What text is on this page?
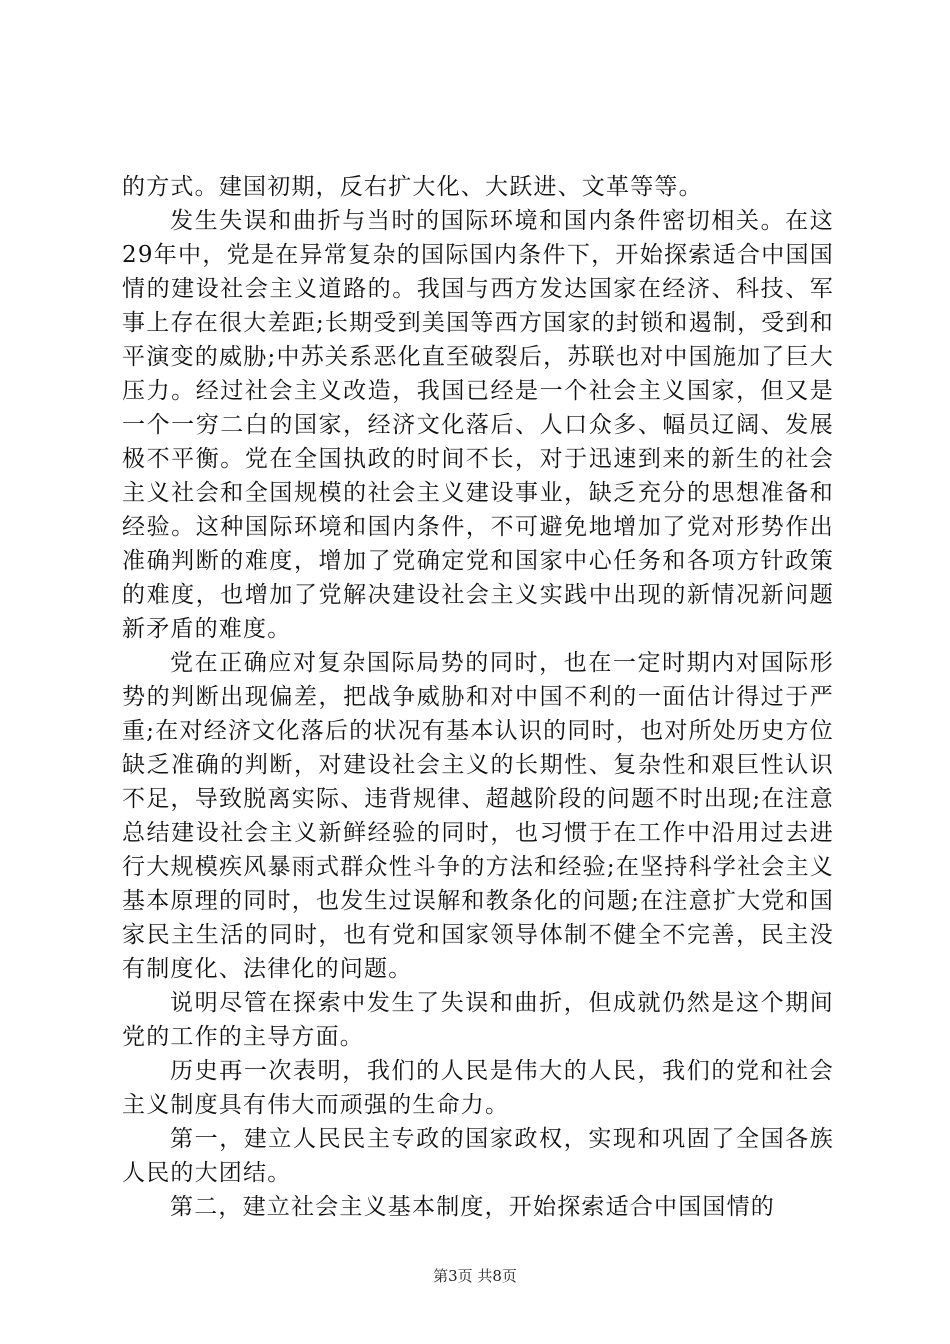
的方式。建国初期，反右扩大化、大跃进、文革等等。

发生失误和曲折与当时的国际环境和国内条件密切相关。在这29年中，党是在异常复杂的国际国内条件下，开始探索适合中国国情的建设社会主义道路的。我国与西方发达国家在经济、科技、军事上存在很大差距;长期受到美国等西方国家的封锁和遏制，受到和平演变的威胁;中苏关系恶化直至破裂后，苏联也对中国施加了巨大压力。经过社会主义改造，我国已经是一个社会主义国家，但又是一个一穷二白的国家，经济文化落后、人口众多、幅员辽阔、发展极不平衡。党在全国执政的时间不长，对于迅速到来的新生的社会主义社会和全国规模的社会主义建设事业，缺乏充分的思想准备和经验。这种国际环境和国内条件，不可避免地增加了党对形势作出准确判断的难度，增加了党确定党和国家中心任务和各项方针政策的难度，也增加了党解决建设社会主义实践中出现的新情况新问题新矛盾的难度。

党在正确应对复杂国际局势的同时，也在一定时期内对国际形势的判断出现偏差，把战争威胁和对中国不利的一面估计得过于严重;在对经济文化落后的状况有基本认识的同时，也对所处历史方位缺乏准确的判断，对建设社会主义的长期性、复杂性和艰巨性认识不足，导致脱离实际、违背规律、超越阶段的问题不时出现;在注意总结建设社会主义新鲜经验的同时，也习惯于在工作中沿用过去进行大规模疾风暴雨式群众性斗争的方法和经验;在坚持科学社会主义基本原理的同时，也发生过误解和教条化的问题;在注意扩大党和国家民主生活的同时，也有党和国家领导体制不健全不完善，民主没有制度化、法律化的问题。

说明尽管在探索中发生了失误和曲折，但成就仍然是这个期间党的工作的主导方面。

历史再一次表明，我们的人民是伟大的人民，我们的党和社会主义制度具有伟大而顽强的生命力。

第一，建立人民民主专政的国家政权，实现和巩固了全国各族人民的大团结。

第二，建立社会主义基本制度，开始探索适合中国国情的

第3页 共8页
